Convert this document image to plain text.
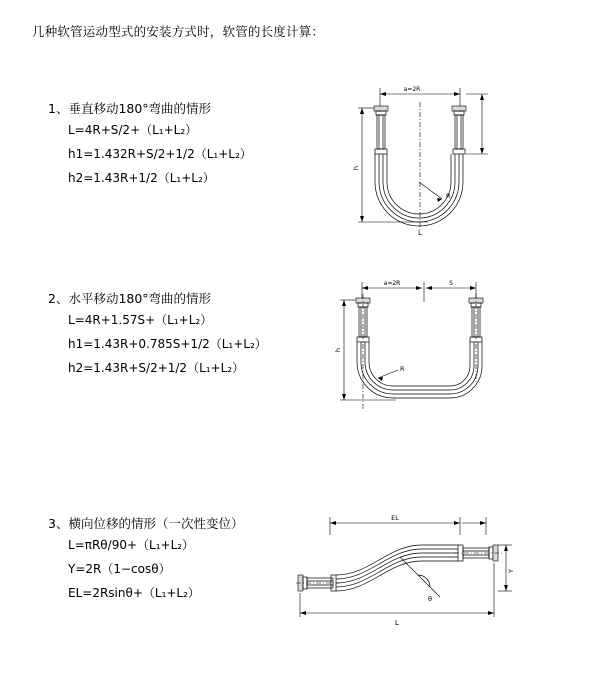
几种软管运动型式的安装方式时，软管的长度计算：
1、垂直移动180°弯曲的情形
L=4R+S/2+（L₁+L₂）
h1=1.432R+S/2+1/2（L₁+L₂）
h2=1.43R+1/2（L₁+L₂）
a=2R
R
h
L
2、水平移动180°弯曲的情形
L=4R+1.57S+（L₁+L₂）
h1=1.43R+0.785S+1/2（L₁+L₂）
h2=1.43R+S/2+1/2（L₁+L₂）
a=2R	S
R
h
3、横向位移的情形（一次性变位）
L=πRθ/90+（L₁+L₂）
Y=2R（1−cosθ）
EL=2Rsinθ+（L₁+L₂）
EL
θ
Y
L
